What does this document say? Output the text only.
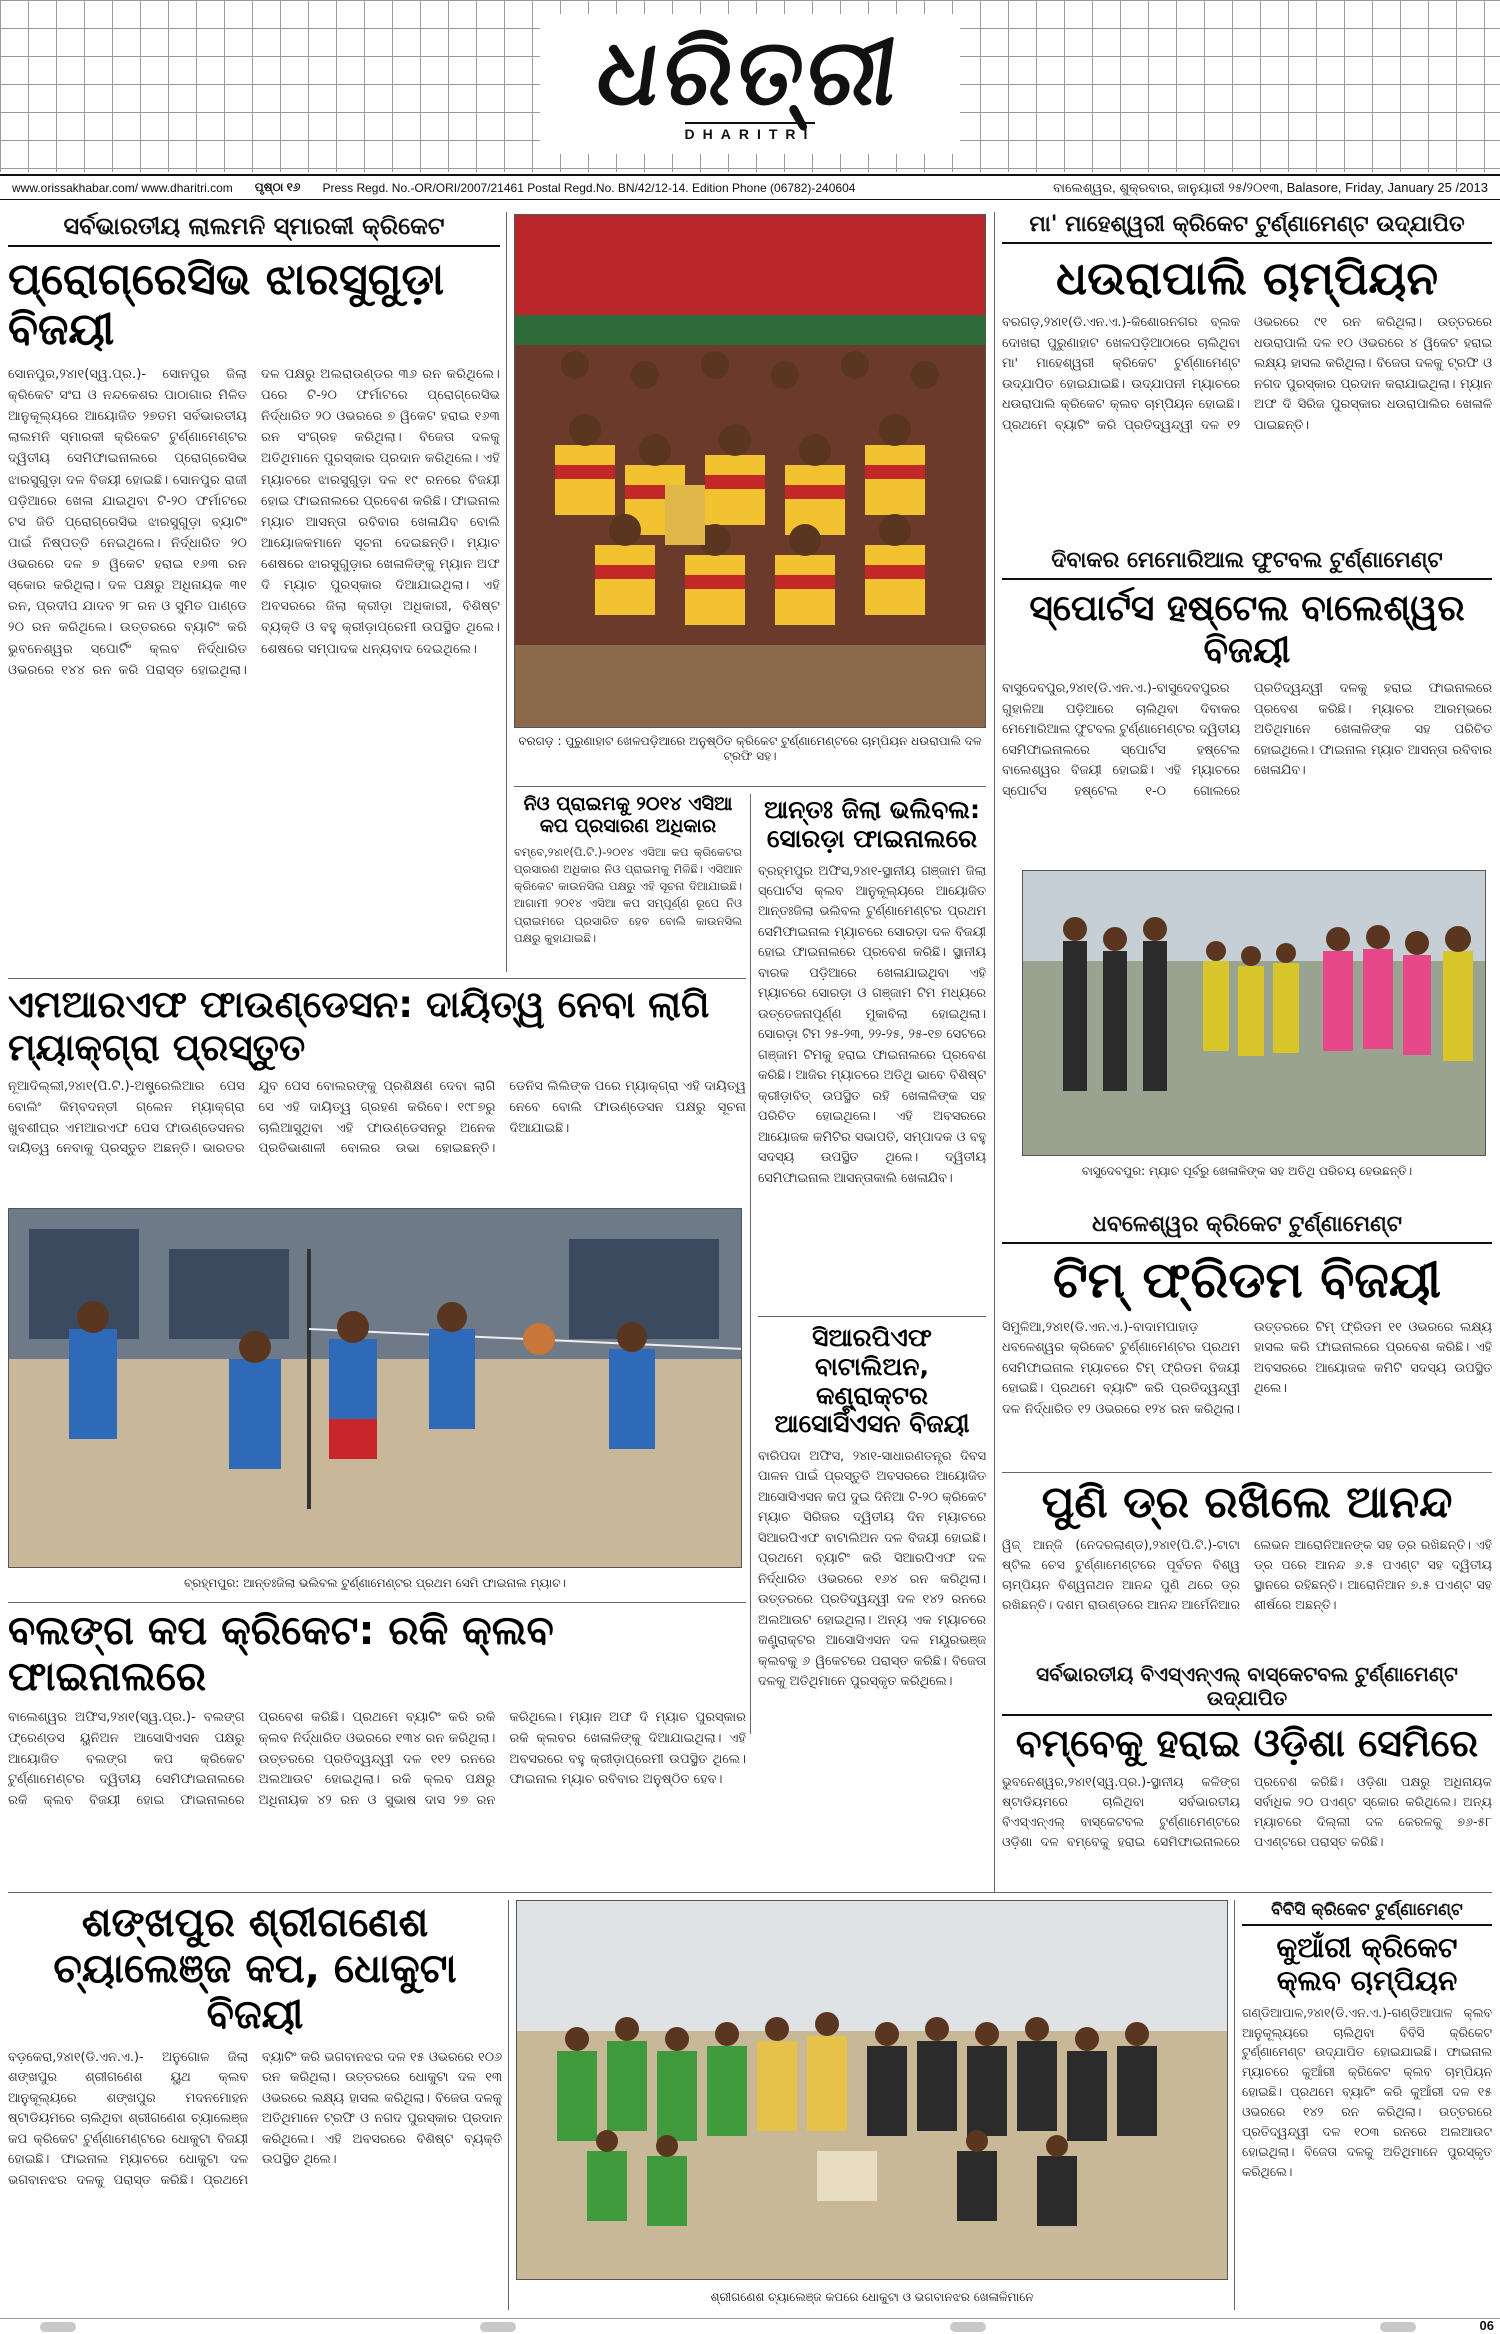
ଧରିତ୍ରୀ
DHARITRI
www.orissakhabar.com/ www.dharitri.com ପୃଷ୍ଠା ୧୬ Press Regd. No.-OR/ORI/2007/21461 Postal Regd.No. BN/42/12-14. Edition Phone (06782)-240604	ବାଲେଶ୍ୱର, ଶୁକ୍ରବାର, ଜାନୁୟାରୀ ୨୫/୨୦୧୩, Balasore, Friday, January 25 /2013
ସର୍ବଭାରତୀୟ ଲାଲମନି ସ୍ମାରକୀ କ୍ରିକେଟ
ପ୍ରୋଗ୍ରେସିଭ ଝାରସୁଗୁଡ଼ା ବିଜୟୀ
ସୋନପୁର,୨୪ା୧(ସ୍ୱ.ପ୍ର.)- ସୋନପୁର ଜିଲା କ୍ରିକେଟ ସଂଘ ଓ ନନ୍ଦକେଶର ପାଠାଗାର ମିଳିତ ଆନୁକୂଲ୍ୟରେ ଆୟୋଜିତ ୨୭ତମ ସର୍ବଭାରତୀୟ ଲାଲମନି ସ୍ମାରକୀ କ୍ରିକେଟ ଟୁର୍ଣ୍ଣାମେଣ୍ଟର ଦ୍ୱିତୀୟ ସେମିଫାଇନାଲରେ ପ୍ରୋଗ୍ରେସିଭ ଝାରସୁଗୁଡ଼ା ଦଳ ବିଜୟୀ ହୋଇଛି। ସୋନପୁର ରାଜୀ ପଡ଼ିଆରେ ଖେଳା ଯାଇଥିବା ଟି-୨୦ ଫର୍ମାଟରେ ଟସ ଜିତି ପ୍ରୋଗ୍ରେସିଭ ଝାରସୁଗୁଡ଼ା ବ୍ୟାଟିଂ ପାଇଁ ନିଷ୍ପତ୍ତି ନେଇଥିଲେ। ନିର୍ଦ୍ଧାରିତ ୨୦ ଓଭରରେ ଦଳ ୭ ୱିକେଟ ହରାଇ ୧୬୩ ରନ ସ୍କୋର କରିଥିଲା। ଦଳ ପକ୍ଷରୁ ଅଧିନାୟକ ୩୧ ରନ, ପ୍ରଦୀପ ଯାଦବ ୨୮ ରନ ଓ ସୁମିତ ପାଣ୍ଡେ ୨୦ ରନ କରିଥିଲେ। ଉତ୍ତରରେ ବ୍ୟାଟିଂ କରି ଭୁବନେଶ୍ୱର ସ୍ପୋର୍ଟିଂ କ୍ଲବ ନିର୍ଦ୍ଧାରିତ ଓଭରରେ ୧୪୪ ରନ କରି ପରାସ୍ତ ହୋଇଥିଲା। ଦଳ ପକ୍ଷରୁ ଅଲରାଉଣ୍ଡର ୩୬ ରନ କରିଥିଲେ। ପରେ ଟି-୨୦ ଫର୍ମାଟରେ ପ୍ରୋଗ୍ରେସିଭ ନିର୍ଦ୍ଧାରିତ ୨୦ ଓଭରରେ ୭ ୱିକେଟ ହରାଇ ୧୬୩ ରନ ସଂଗ୍ରହ କରିଥିଲା। ବିଜେତା ଦଳକୁ ଅତିଥିମାନେ ପୁରସ୍କାର ପ୍ରଦାନ କରିଥିଲେ। ଏହି ମ୍ୟାଚରେ ଝାରସୁଗୁଡ଼ା ଦଳ ୧୯ ରନରେ ବିଜୟୀ ହୋଇ ଫାଇନାଲରେ ପ୍ରବେଶ କରିଛି। ଫାଇନାଲ ମ୍ୟାଚ ଆସନ୍ତା ରବିବାର ଖେଳାଯିବ ବୋଲି ଆୟୋଜକମାନେ ସୂଚନା ଦେଇଛନ୍ତି। ମ୍ୟାଚ ଶେଷରେ ଝାରସୁଗୁଡ଼ାର ଖେଳାଳିଙ୍କୁ ମ୍ୟାନ ଅଫ ଦି ମ୍ୟାଚ ପୁରସ୍କାର ଦିଆଯାଇଥିଲା। ଏହି ଅବସରରେ ଜିଲା କ୍ରୀଡ଼ା ଅଧିକାରୀ, ବିଶିଷ୍ଟ ବ୍ୟକ୍ତି ଓ ବହୁ କ୍ରୀଡ଼ାପ୍ରେମୀ ଉପସ୍ଥିତ ଥିଲେ। ଶେଷରେ ସମ୍ପାଦକ ଧନ୍ୟବାଦ ଦେଇଥିଲେ।
ବରଗଡ଼ : ପୁରୁଣାହାଟ ଖେଳପଡ଼ିଆରେ ଅନୁଷ୍ଠିତ କ୍ରିକେଟ ଟୁର୍ଣ୍ଣାମେଣ୍ଟରେ ଚାମ୍ପିୟନ ଧଉରାପାଲି ଦଳ ଟ୍ରଫି ସହ।
ନିଓ ପ୍ରାଇମକୁ ୨୦୧୪ ଏସିଆ କପ ପ୍ରସାରଣ ଅଧିକାର
ବମ୍ବେ,୨୪ା୧(ପି.ଟି.)-୨୦୧୪ ଏସିଆ କପ କ୍ରିକେଟର ପ୍ରସାରଣ ଅଧିକାର ନିଓ ପ୍ରାଇମକୁ ମିଳିଛି। ଏସିଆନ କ୍ରିକେଟ କାଉନସିଲ ପକ୍ଷରୁ ଏହି ସୂଚନା ଦିଆଯାଇଛି। ଆଗାମୀ ୨୦୧୪ ଏସିଆ କପ ସମ୍ପୂର୍ଣ୍ଣ ରୂପେ ନିଓ ପ୍ରାଇମରେ ପ୍ରସାରିତ ହେବ ବୋଲି କାଉନସିଲ ପକ୍ଷରୁ କୁହାଯାଇଛି।
ଆନ୍ତଃ ଜିଲା ଭଲିବଲ: ସୋରଡ଼ା ଫାଇନାଲରେ
ବ୍ରହ୍ମପୁର ଅଫିସ,୨୪ା୧-ସ୍ଥାନୀୟ ଗଞ୍ଜାମ ଜିଲା ସ୍ପୋର୍ଟସ କ୍ଲବ ଆନୁକୂଲ୍ୟରେ ଆୟୋଜିତ ଆନ୍ତଃଜିଲା ଭଲିବଲ ଟୁର୍ଣ୍ଣାମେଣ୍ଟର ପ୍ରଥମ ସେମିଫାଇନାଲ ମ୍ୟାଚରେ ସୋରଡ଼ା ଦଳ ବିଜୟୀ ହୋଇ ଫାଇନାଲରେ ପ୍ରବେଶ କରିଛି। ସ୍ଥାନୀୟ ବାରକ ପଡ଼ିଆରେ ଖେଳାଯାଇଥିବା ଏହି ମ୍ୟାଚରେ ସୋରଡ଼ା ଓ ଗଞ୍ଜାମ ଟିମ ମଧ୍ୟରେ ଉତ୍ତେଜନାପୂର୍ଣ୍ଣ ମୁକାବିଲା ହୋଇଥିଲା। ସୋରଡ଼ା ଟିମ ୨୫-୨୩, ୨୨-୨୫, ୨୫-୧୭ ସେଟରେ ଗଞ୍ଜାମ ଟିମକୁ ହରାଇ ଫାଇନାଲରେ ପ୍ରବେଶ କରିଛି। ଆଜିର ମ୍ୟାଚରେ ଅତିଥି ଭାବେ ବିଶିଷ୍ଟ କ୍ରୀଡ଼ାବିତ୍ ଉପସ୍ଥିତ ରହି ଖେଳାଳିଙ୍କ ସହ ପରିଚିତ ହୋଇଥିଲେ। ଏହି ଅବସରରେ ଆୟୋଜକ କମିଟିର ସଭାପତି, ସମ୍ପାଦକ ଓ ବହୁ ସଦସ୍ୟ ଉପସ୍ଥିତ ଥିଲେ। ଦ୍ୱିତୀୟ ସେମିଫାଇନାଲ ଆସନ୍ତାକାଲି ଖେଳାଯିବ।
ସିଆରପିଏଫ ବାଟାଲିଅନ, କଣ୍ଟ୍ରାକ୍ଟର ଆସୋସିଏସନ ବିଜୟୀ
ବାରିପଦା ଅଫିସ, ୨୪ା୧-ସାଧାରଣତନ୍ତ୍ର ଦିବସ ପାଳନ ପାଇଁ ପ୍ରସ୍ତୁତି ଅବସରରେ ଆୟୋଜିତ ଆସୋସିଏସନ କପ ଦୁଇ ଦିନିଆ ଟି-୨୦ କ୍ରିକେଟ ମ୍ୟାଚ ସିରିଜର ଦ୍ୱିତୀୟ ଦିନ ମ୍ୟାଚରେ ସିଆରପିଏଫ ବାଟାଲିଅନ ଦଳ ବିଜୟୀ ହୋଇଛି। ପ୍ରଥମେ ବ୍ୟାଟିଂ କରି ସିଆରପିଏଫ ଦଳ ନିର୍ଦ୍ଧାରିତ ଓଭରରେ ୧୬୪ ରନ କରିଥିଲା। ଉତ୍ତରରେ ପ୍ରତିଦ୍ୱନ୍ଦ୍ୱୀ ଦଳ ୧୪୨ ରନରେ ଅଲଆଉଟ ହୋଇଥିଲା। ଅନ୍ୟ ଏକ ମ୍ୟାଚରେ କଣ୍ଟ୍ରାକ୍ଟର ଆସୋସିଏସନ ଦଳ ମୟୂରଭଞ୍ଜ କ୍ଲବକୁ ୬ ୱିକେଟରେ ପରାସ୍ତ କରିଛି। ବିଜେତା ଦଳକୁ ଅତିଥିମାନେ ପୁରସ୍କୃତ କରିଥିଲେ।
ଏମଆରଏଫ ଫାଉଣ୍ଡେସନ: ଦାୟିତ୍ୱ ନେବା ଲାଗି ମ୍ୟାକ୍‌ଗ୍ରା ପ୍ରସ୍ତୁତ
ନୂଆଦିଲ୍ଲୀ,୨୪ା୧(ପି.ଟି.)-ଅଷ୍ଟ୍ରେଲିଆର ପେସ ବୋଲିଂ କିମ୍ବଦନ୍ତୀ ଗ୍ଲେନ ମ୍ୟାକ୍‌ଗ୍ରା ଖୁବଶୀଘ୍ର ଏମଆରଏଫ ପେସ ଫାଉଣ୍ଡେସନର ଦାୟିତ୍ୱ ନେବାକୁ ପ୍ରସ୍ତୁତ ଅଛନ୍ତି। ଭାରତର ଯୁବ ପେସ ବୋଲରଙ୍କୁ ପ୍ରଶିକ୍ଷଣ ଦେବା ଲାଗି ସେ ଏହି ଦାୟିତ୍ୱ ଗ୍ରହଣ କରିବେ। ୧୯୮୭ରୁ ଚାଲିଆସୁଥିବା ଏହି ଫାଉଣ୍ଡେସନରୁ ଅନେକ ପ୍ରତିଭାଶାଳୀ ବୋଲର ଉଭା ହୋଇଛନ୍ତି। ଡେନିସ ଲିଲିଙ୍କ ପରେ ମ୍ୟାକ୍‌ଗ୍ରା ଏହି ଦାୟିତ୍ୱ ନେବେ ବୋଲି ଫାଉଣ୍ଡେସନ ପକ୍ଷରୁ ସୂଚନା ଦିଆଯାଇଛି।
ବ୍ରହ୍ମପୁର: ଆନ୍ତଃଜିଲା ଭଲିବଲ ଟୁର୍ଣ୍ଣାମେଣ୍ଟର ପ୍ରଥମ ସେମି ଫାଇନାଲ ମ୍ୟାଚ।
ବଲଙ୍ଗ କପ କ୍ରିକେଟ: ରକି କ୍ଲବ ଫାଇନାଲରେ
ବାଲେଶ୍ୱର ଅଫିସ,୨୪ା୧(ସ୍ୱ.ପ୍ର.)- ବଲଙ୍ଗ ଫ୍ରେଣ୍ଡସ ୟୁନିଅନ ଆସୋସିଏସନ ପକ୍ଷରୁ ଆୟୋଜିତ ବଲଙ୍ଗ କପ କ୍ରିକେଟ ଟୁର୍ଣ୍ଣାମେଣ୍ଟର ଦ୍ୱିତୀୟ ସେମିଫାଇନାଲରେ ରକି କ୍ଲବ ବିଜୟୀ ହୋଇ ଫାଇନାଲରେ ପ୍ରବେଶ କରିଛି। ପ୍ରଥମେ ବ୍ୟାଟିଂ କରି ରକି କ୍ଲବ ନିର୍ଦ୍ଧାରିତ ଓଭରରେ ୧୩୪ ରନ କରିଥିଲା। ଉତ୍ତରରେ ପ୍ରତିଦ୍ୱନ୍ଦ୍ୱୀ ଦଳ ୧୧୨ ରନରେ ଅଲଆଉଟ ହୋଇଥିଲା। ରକି କ୍ଲବ ପକ୍ଷରୁ ଅଧିନାୟକ ୪୨ ରନ ଓ ସୁଭାଷ ଦାସ ୨୭ ରନ କରିଥିଲେ। ମ୍ୟାନ ଅଫ ଦି ମ୍ୟାଚ ପୁରସ୍କାର ରକି କ୍ଲବର ଖେଳାଳିଙ୍କୁ ଦିଆଯାଇଥିଲା। ଏହି ଅବସରରେ ବହୁ କ୍ରୀଡ଼ାପ୍ରେମୀ ଉପସ୍ଥିତ ଥିଲେ। ଫାଇନାଲ ମ୍ୟାଚ ରବିବାର ଅନୁଷ୍ଠିତ ହେବ।
ମା' ମାହେଶ୍ୱରୀ କ୍ରିକେଟ ଟୁର୍ଣ୍ଣାମେଣ୍ଟ ଉଦ୍‌ଯାପିତ
ଧଉରାପାଲି ଚାମ୍ପିୟନ
ବରଗଡ଼,୨୪ା୧(ଡି.ଏନ.ଏ.)-କିଶୋରନଗର ବ୍ଲକ ଦୋଖରା ପୁରୁଣାହାଟ ଖେଳପଡ଼ିଆଠାରେ ଚାଲିଥିବା ମା' ମାହେଶ୍ୱରୀ କ୍ରିକେଟ ଟୁର୍ଣ୍ଣାମେଣ୍ଟ ଉଦ୍‌ଯାପିତ ହୋଇଯାଇଛି। ଉଦ୍‌ଯାପନୀ ମ୍ୟାଚରେ ଧଉରାପାଲି କ୍ରିକେଟ କ୍ଲବ ଚାମ୍ପିୟନ ହୋଇଛି। ପ୍ରଥମେ ବ୍ୟାଟିଂ କରି ପ୍ରତିଦ୍ୱନ୍ଦ୍ୱୀ ଦଳ ୧୨ ଓଭରରେ ୯୧ ରନ କରିଥିଲା। ଉତ୍ତରରେ ଧଉରାପାଲି ଦଳ ୧୦ ଓଭରରେ ୪ ୱିକେଟ ହରାଇ ଲକ୍ଷ୍ୟ ହାସଲ କରିଥିଲା। ବିଜେତା ଦଳକୁ ଟ୍ରଫି ଓ ନଗଦ ପୁରସ୍କାର ପ୍ରଦାନ କରାଯାଇଥିଲା। ମ୍ୟାନ ଅଫ ଦି ସିରିଜ ପୁରସ୍କାର ଧଉରାପାଲିର ଖେଳାଳି ପାଇଛନ୍ତି।
ଦିବାକର ମେମୋରିଆଲ ଫୁଟବଲ ଟୁର୍ଣ୍ଣାମେଣ୍ଟ
ସ୍ପୋର୍ଟସ ହଷ୍ଟେଲ ବାଲେଶ୍ୱର ବିଜୟୀ
ବାସୁଦେବପୁର,୨୪ା୧(ଡି.ଏନ.ଏ.)-ବାସୁଦେବପୁରର ଗୁହାଳିଆ ପଡ଼ିଆରେ ଚାଲିଥିବା ଦିବାକର ମେମୋରିଆଲ ଫୁଟବଲ ଟୁର୍ଣ୍ଣାମେଣ୍ଟର ଦ୍ୱିତୀୟ ସେମିଫାଇନାଲରେ ସ୍ପୋର୍ଟସ ହଷ୍ଟେଲ ବାଲେଶ୍ୱର ବିଜୟୀ ହୋଇଛି। ଏହି ମ୍ୟାଚରେ ସ୍ପୋର୍ଟସ ହଷ୍ଟେଲ ୧-୦ ଗୋଲରେ ପ୍ରତିଦ୍ୱନ୍ଦ୍ୱୀ ଦଳକୁ ହରାଇ ଫାଇନାଲରେ ପ୍ରବେଶ କରିଛି। ମ୍ୟାଚର ଆରମ୍ଭରେ ଅତିଥିମାନେ ଖେଳାଳିଙ୍କ ସହ ପରିଚିତ ହୋଇଥିଲେ। ଫାଇନାଲ ମ୍ୟାଚ ଆସନ୍ତା ରବିବାର ଖେଳାଯିବ।
ବାସୁଦେବପୁର: ମ୍ୟାଚ ପୂର୍ବରୁ ଖେଳାଳିଙ୍କ ସହ ଅତିଥି ପରିଚୟ ହେଉଛନ୍ତି।
ଧବଳେଶ୍ୱର କ୍ରିକେଟ ଟୁର୍ଣ୍ଣାମେଣ୍ଟ
ଟିମ୍ ଫ୍ରିଡମ ବିଜୟୀ
ସିମୁଳିଆ,୨୪ା୧(ଡି.ଏନ.ଏ.)-ବାଦାମପାହାଡ଼ ଧବଳେଶ୍ୱର କ୍ରିକେଟ ଟୁର୍ଣ୍ଣାମେଣ୍ଟର ପ୍ରଥମ ସେମିଫାଇନାଲ ମ୍ୟାଚରେ ଟିମ୍ ଫ୍ରିଡମ ବିଜୟୀ ହୋଇଛି। ପ୍ରଥମେ ବ୍ୟାଟିଂ କରି ପ୍ରତିଦ୍ୱନ୍ଦ୍ୱୀ ଦଳ ନିର୍ଦ୍ଧାରିତ ୧୨ ଓଭରରେ ୧୨୪ ରନ କରିଥିଲା। ଉତ୍ତରରେ ଟିମ୍ ଫ୍ରିଡମ ୧୧ ଓଭରରେ ଲକ୍ଷ୍ୟ ହାସଲ କରି ଫାଇନାଲରେ ପ୍ରବେଶ କରିଛି। ଏହି ଅବସରରେ ଆୟୋଜକ କମିଟି ସଦସ୍ୟ ଉପସ୍ଥିତ ଥିଲେ।
ପୁଣି ଡ୍ର ରଖିଲେ ଆନନ୍ଦ
ୱିଜ୍ ଆନ୍‌ଜି (ନେଦରଲାଣ୍ଡ),୨୪ା୧(ପି.ଟି.)-ଟାଟା ଷ୍ଟିଲ ଚେସ ଟୁର୍ଣ୍ଣାମେଣ୍ଟରେ ପୂର୍ବତନ ବିଶ୍ୱ ଚାମ୍ପିୟନ ବିଶ୍ୱନାଥନ ଆନନ୍ଦ ପୁଣି ଥରେ ଡ୍ର ରଖିଛନ୍ତି। ଦଶମ ରାଉଣ୍ଡରେ ଆନନ୍ଦ ଆର୍ମେନିଆର ଲେଭନ ଆରୋନିଆନଙ୍କ ସହ ଡ୍ର ରଖିଛନ୍ତି। ଏହି ଡ୍ର ପରେ ଆନନ୍ଦ ୬.୫ ପଏଣ୍ଟ ସହ ଦ୍ୱିତୀୟ ସ୍ଥାନରେ ରହିଛନ୍ତି। ଆରୋନିଆନ ୭.୫ ପଏଣ୍ଟ ସହ ଶୀର୍ଷରେ ଅଛନ୍ତି।
ସର୍ବଭାରତୀୟ ବିଏସ୍ଏନ୍ଏଲ୍ ବାସ୍କେଟବଲ ଟୁର୍ଣ୍ଣାମେଣ୍ଟ ଉଦ୍‌ଯାପିତ
ବମ୍ବେକୁ ହରାଇ ଓଡ଼ିଶା ସେମିରେ
ଭୁବନେଶ୍ୱର,୨୪ା୧(ସ୍ୱ.ପ୍ର.)-ସ୍ଥାନୀୟ କଳିଙ୍ଗ ଷ୍ଟାଡିୟମରେ ଚାଲିଥିବା ସର୍ବଭାରତୀୟ ବିଏସ୍ଏନ୍ଏଲ୍ ବାସ୍କେଟବଲ ଟୁର୍ଣ୍ଣାମେଣ୍ଟରେ ଓଡ଼ିଶା ଦଳ ବମ୍ବେକୁ ହରାଇ ସେମିଫାଇନାଲରେ ପ୍ରବେଶ କରିଛି। ଓଡ଼ିଶା ପକ୍ଷରୁ ଅଧିନାୟକ ସର୍ବାଧିକ ୨୦ ପଏଣ୍ଟ ସ୍କୋର କରିଥିଲେ। ଅନ୍ୟ ମ୍ୟାଚରେ ଦିଲ୍ଲୀ ଦଳ କେରଳକୁ ୭୬-୫୮ ପଏଣ୍ଟରେ ପରାସ୍ତ କରିଛି।
ଶଙ୍ଖପୁର ଶ୍ରୀଗଣେଶ ଚ୍ୟାଲେଞ୍ଜ କପ, ଧୋକୁଟା ବିଜୟୀ
ବଡ଼କେରା,୨୪ା୧(ଡି.ଏନ.ଏ.)- ଅନୁଗୋଳ ଜିଲା ଶଙ୍ଖପୁର ଶ୍ରୀଗଣେଶ ୟୁଥ କ୍ଲବ ଆନୁକୂଲ୍ୟରେ ଶଙ୍ଖପୁର ମଦନମୋହନ ଷ୍ଟାଡିୟମରେ ଚାଲିଥିବା ଶ୍ରୀଗଣେଶ ଚ୍ୟାଲେଞ୍ଜ କପ କ୍ରିକେଟ ଟୁର୍ଣ୍ଣାମେଣ୍ଟରେ ଧୋକୁଟା ବିଜୟୀ ହୋଇଛି। ଫାଇନାଲ ମ୍ୟାଚରେ ଧୋକୁଟା ଦଳ ଭଗବାନଝର ଦଳକୁ ପରାସ୍ତ କରିଛି। ପ୍ରଥମେ ବ୍ୟାଟିଂ କରି ଭଗବାନଝର ଦଳ ୧୫ ଓଭରରେ ୧୦୬ ରନ କରିଥିଲା। ଉତ୍ତରରେ ଧୋକୁଟା ଦଳ ୧୩ ଓଭରରେ ଲକ୍ଷ୍ୟ ହାସଲ କରିଥିଲା। ବିଜେତା ଦଳକୁ ଅତିଥିମାନେ ଟ୍ରଫି ଓ ନଗଦ ପୁରସ୍କାର ପ୍ରଦାନ କରିଥିଲେ। ଏହି ଅବସରରେ ବିଶିଷ୍ଟ ବ୍ୟକ୍ତି ଉପସ୍ଥିତ ଥିଲେ।
ଶ୍ରୀଗଣେଶ ଚ୍ୟାଲେଞ୍ଜ କପରେ ଧୋକୁଟା ଓ ଭଗବାନଝର ଖେଳାଳିମାନେ
ବିବିସି କ୍ରିକେଟ ଟୁର୍ଣ୍ଣାମେଣ୍ଟ
କୁଆଁରୀ କ୍ରିକେଟ କ୍ଲବ ଚାମ୍ପିୟନ
ଗଣ୍ଡିଆପାଳ,୨୪ା୧(ଡି.ଏନ.ଏ.)-ଗଣ୍ଡିଆପାଳ କ୍ଲବ ଆନୁକୂଲ୍ୟରେ ଚାଲିଥିବା ବିବିସି କ୍ରିକେଟ ଟୁର୍ଣ୍ଣାମେଣ୍ଟ ଉଦ୍‌ଯାପିତ ହୋଇଯାଇଛି। ଫାଇନାଲ ମ୍ୟାଚରେ କୁଆଁରୀ କ୍ରିକେଟ କ୍ଲବ ଚାମ୍ପିୟନ ହୋଇଛି। ପ୍ରଥମେ ବ୍ୟାଟିଂ କରି କୁଆଁରୀ ଦଳ ୧୫ ଓଭରରେ ୧୪୨ ରନ କରିଥିଲା। ଉତ୍ତରରେ ପ୍ରତିଦ୍ୱନ୍ଦ୍ୱୀ ଦଳ ୧୦୩ ରନରେ ଅଲଆଉଟ ହୋଇଥିଲା। ବିଜେତା ଦଳକୁ ଅତିଥିମାନେ ପୁରସ୍କୃତ କରିଥିଲେ।
06
